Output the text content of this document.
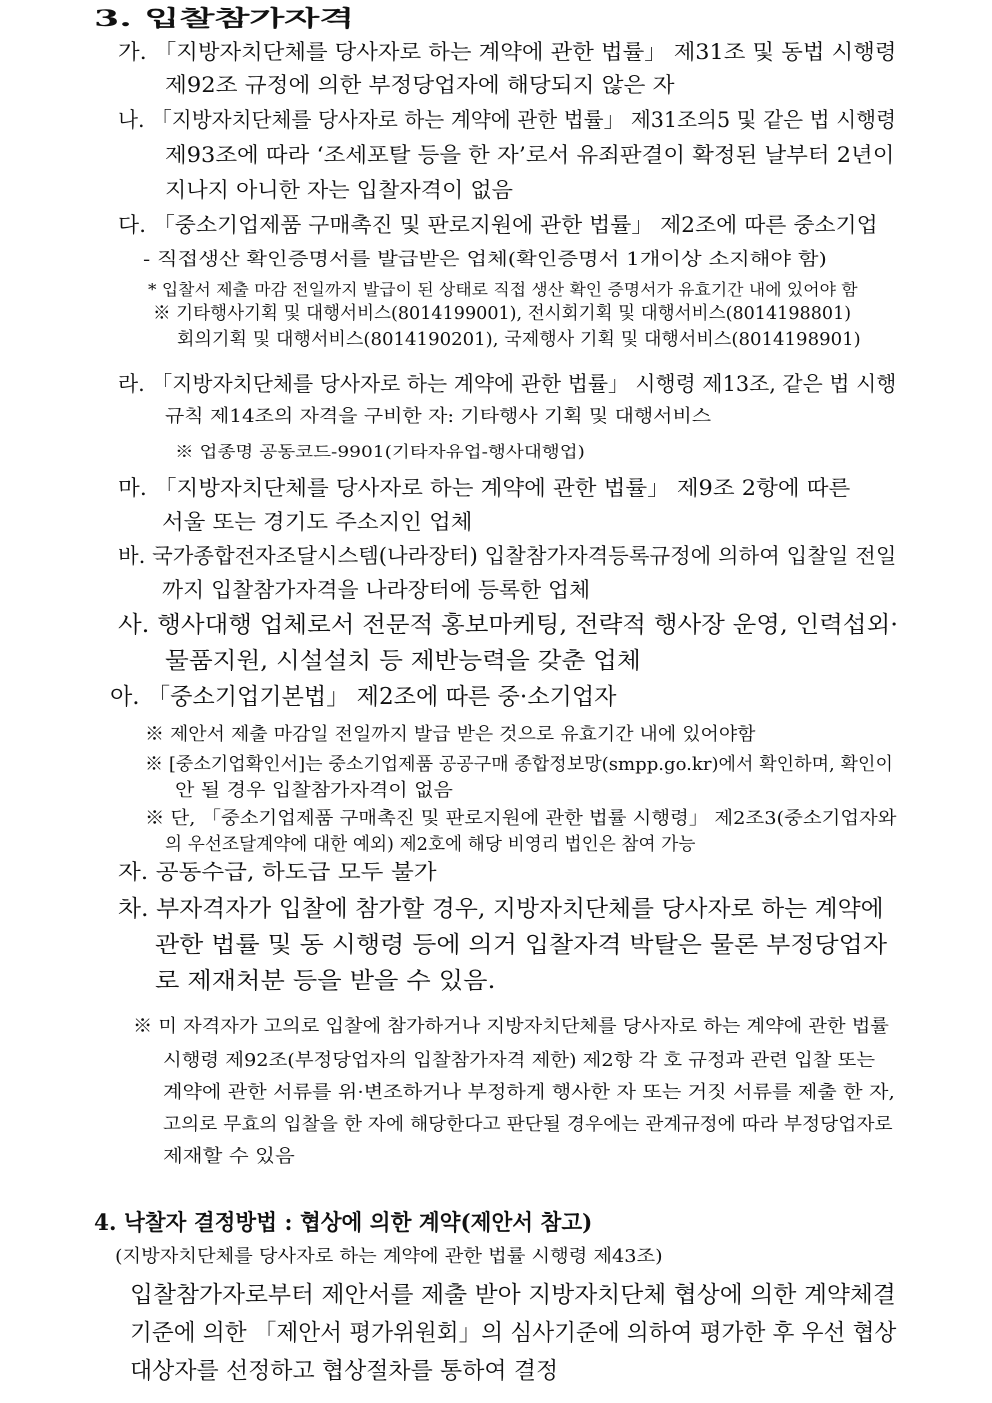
3. 입찰참가자격
가. 「지방자치단체를 당사자로 하는 계약에 관한 법률」 제31조 및 동법 시행령
제92조 규정에 의한 부정당업자에 해당되지 않은 자
나. 「지방자치단체를 당사자로 하는 계약에 관한 법률」 제31조의5 및 같은 법 시행령
제93조에 따라 ‘조세포탈 등을 한 자’로서 유죄판결이 확정된 날부터 2년이
지나지 아니한 자는 입찰자격이 없음
다. 「중소기업제품 구매촉진 및 판로지원에 관한 법률」 제2조에 따른 중소기업
- 직접생산 확인증명서를 발급받은 업체(확인증명서 1개이상 소지해야 함)
* 입찰서 제출 마감 전일까지 발급이 된 상태로 직접 생산 확인 증명서가 유효기간 내에 있어야 함
※ 기타행사기획 및 대행서비스(8014199001), 전시회기획 및 대행서비스(8014198801)
회의기획 및 대행서비스(8014190201), 국제행사 기획 및 대행서비스(8014198901)
라. 「지방자치단체를 당사자로 하는 계약에 관한 법률」 시행령 제13조, 같은 법 시행
규칙 제14조의 자격을 구비한 자: 기타행사 기획 및 대행서비스
※ 업종명 공동코드-9901(기타자유업-행사대행업)
마. 「지방자치단체를 당사자로 하는 계약에 관한 법률」 제9조 2항에 따른
서울 또는 경기도 주소지인 업체
바. 국가종합전자조달시스템(나라장터) 입찰참가자격등록규정에 의하여 입찰일 전일
까지 입찰참가자격을 나라장터에 등록한 업체
사. 행사대행 업체로서 전문적 홍보마케팅, 전략적 행사장 운영, 인력섭외·
물품지원, 시설설치 등 제반능력을 갖춘 업체
아. 「중소기업기본법」 제2조에 따른 중·소기업자
※ 제안서 제출 마감일 전일까지 발급 받은 것으로 유효기간 내에 있어야함
※ [중소기업확인서]는 중소기업제품 공공구매 종합정보망(smpp.go.kr)에서 확인하며, 확인이
안 될 경우 입찰참가자격이 없음
※ 단, 「중소기업제품 구매촉진 및 판로지원에 관한 법률 시행령」 제2조3(중소기업자와
의 우선조달계약에 대한 예외) 제2호에 해당 비영리 법인은 참여 가능
자. 공동수급, 하도급 모두 불가
차. 부자격자가 입찰에 참가할 경우, 지방자치단체를 당사자로 하는 계약에
관한 법률 및 동 시행령 등에 의거 입찰자격 박탈은 물론 부정당업자
로 제재처분 등을 받을 수 있음.
※ 미 자격자가 고의로 입찰에 참가하거나 지방자치단체를 당사자로 하는 계약에 관한 법률
시행령 제92조(부정당업자의 입찰참가자격 제한) 제2항 각 호 규정과 관련 입찰 또는
계약에 관한 서류를 위·변조하거나 부정하게 행사한 자 또는 거짓 서류를 제출 한 자,
고의로 무효의 입찰을 한 자에 해당한다고 판단될 경우에는 관계규정에 따라 부정당업자로
제재할 수 있음
4. 낙찰자 결정방법 : 협상에 의한 계약(제안서 참고)
(지방자치단체를 당사자로 하는 계약에 관한 법률 시행령 제43조)
입찰참가자로부터 제안서를 제출 받아 지방자치단체 협상에 의한 계약체결
기준에 의한 「제안서 평가위원회」의 심사기준에 의하여 평가한 후 우선 협상
대상자를 선정하고 협상절차를 통하여 결정
